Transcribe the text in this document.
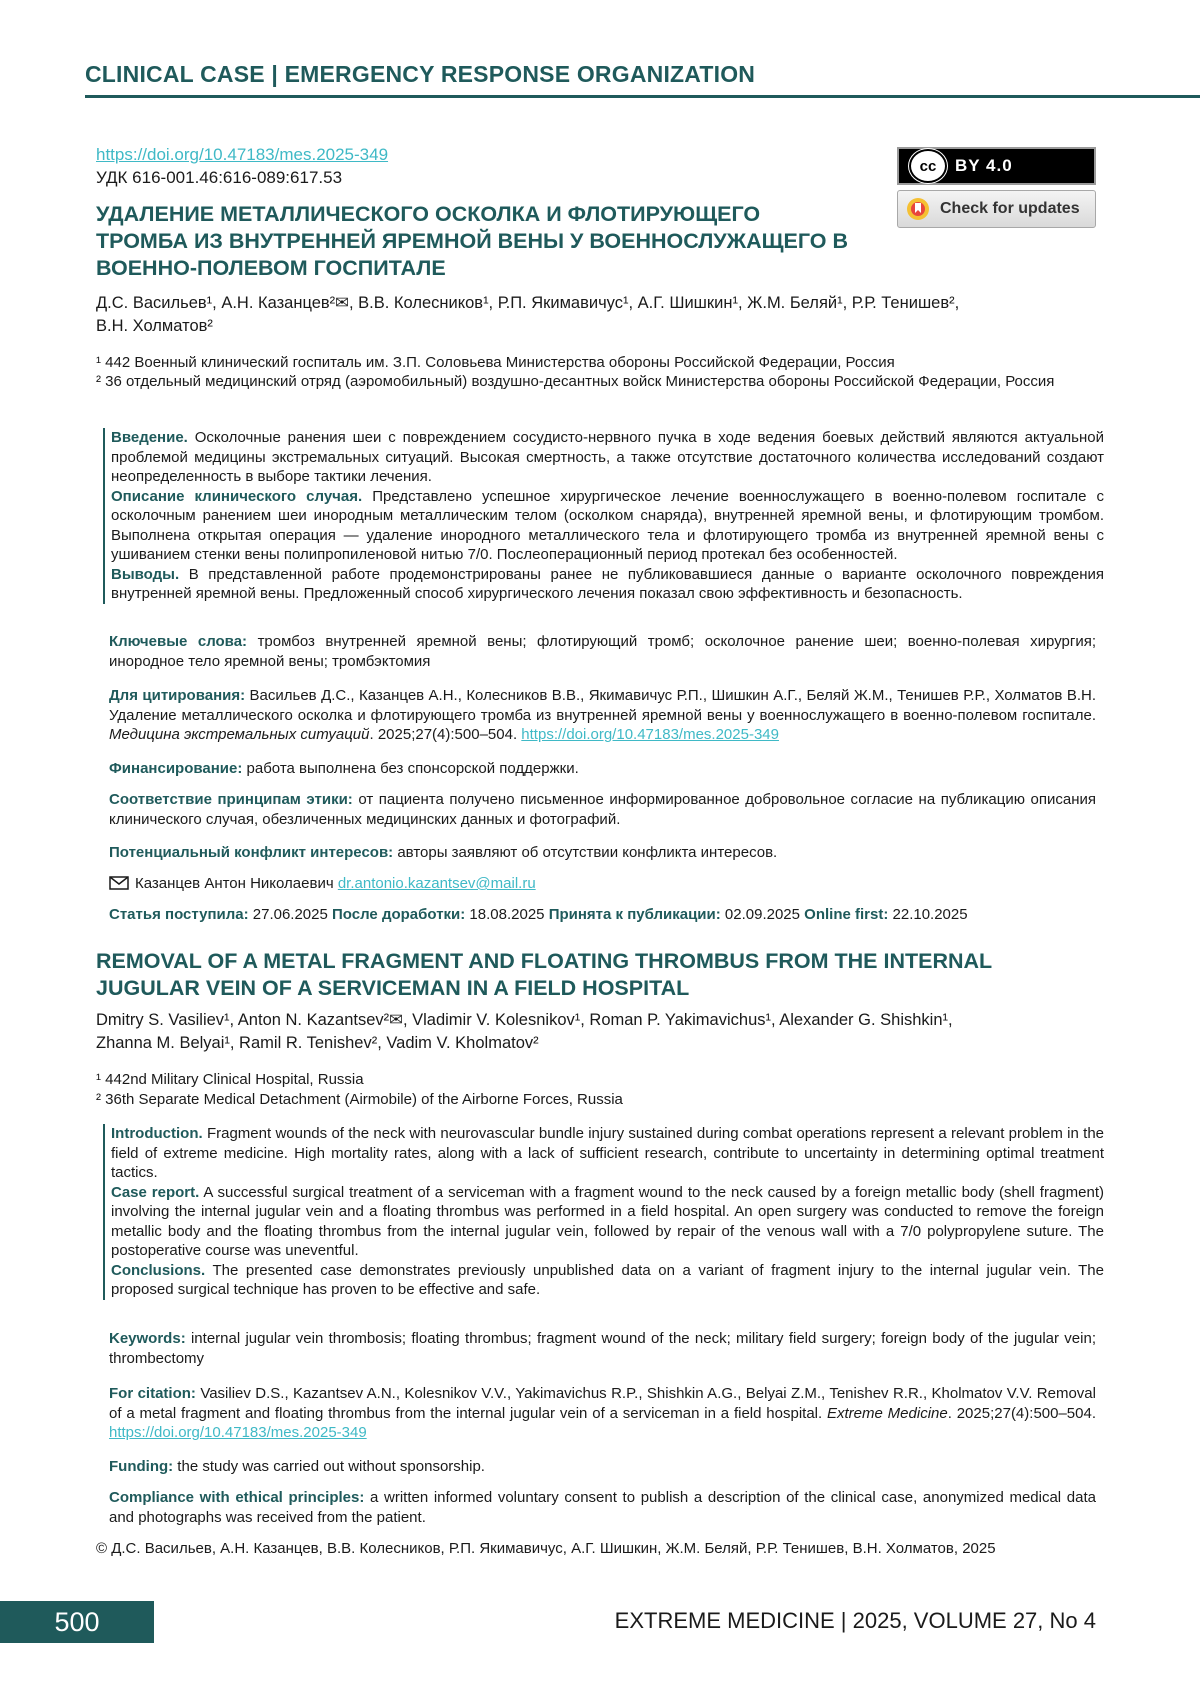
CLINICAL CASE | EMERGENCY RESPONSE ORGANIZATION
https://doi.org/10.47183/mes.2025-349
УДК 616-001.46:616-089:617.53
cc	BY 4.0
Check for updates
УДАЛЕНИЕ МЕТАЛЛИЧЕСКОГО ОСКОЛКА И ФЛОТИРУЮЩЕГО ТРОМБА ИЗ ВНУТРЕННЕЙ ЯРЕМНОЙ ВЕНЫ У ВОЕННОСЛУЖАЩЕГО В ВОЕННО-ПОЛЕВОМ ГОСПИТАЛЕ
Д.С. Васильев¹, А.Н. Казанцев²✉, В.В. Колесников¹, Р.П. Якимавичус¹, А.Г. Шишкин¹, Ж.М. Беляй¹, Р.Р. Тенишев²,
В.Н. Холматов²
¹ 442 Военный клинический госпиталь им. З.П. Соловьева Министерства обороны Российской Федерации, Россия
² 36 отдельный медицинский отряд (аэромобильный) воздушно-десантных войск Министерства обороны Российской Федерации, Россия
Введение. Осколочные ранения шеи с повреждением сосудисто-нервного пучка в ходе ведения боевых действий являются актуальной проблемой медицины экстремальных ситуаций. Высокая смертность, а также отсутствие достаточного количества исследований создают неопределенность в выборе тактики лечения.
Описание клинического случая. Представлено успешное хирургическое лечение военнослужащего в военно-полевом госпитале с осколочным ранением шеи инородным металлическим телом (осколком снаряда), внутренней яремной вены, и флотирующим тромбом. Выполнена открытая операция — удаление инородного металлического тела и флотирующего тромба из внутренней яремной вены с ушиванием стенки вены полипропиленовой нитью 7/0. Послеоперационный период протекал без особенностей.
Выводы. В представленной работе продемонстрированы ранее не публиковавшиеся данные о варианте осколочного повреждения внутренней яремной вены. Предложенный способ хирургического лечения показал свою эффективность и безопасность.
Ключевые слова: тромбоз внутренней яремной вены; флотирующий тромб; осколочное ранение шеи; военно-полевая хирургия; инородное тело яремной вены; тромбэктомия
Для цитирования: Васильев Д.С., Казанцев А.Н., Колесников В.В., Якимавичус Р.П., Шишкин А.Г., Беляй Ж.М., Тенишев Р.Р., Холматов В.Н. Удаление металлического осколка и флотирующего тромба из внутренней яремной вены у военнослужащего в военно-полевом госпитале. Медицина экстремальных ситуаций. 2025;27(4):500–504. https://doi.org/10.47183/mes.2025-349
Финансирование: работа выполнена без спонсорской поддержки.
Соответствие принципам этики: от пациента получено письменное информированное добровольное согласие на публикацию описания клинического случая, обезличенных медицинских данных и фотографий.
Потенциальный конфликт интересов: авторы заявляют об отсутствии конфликта интересов.
Казанцев Антон Николаевич dr.antonio.kazantsev@mail.ru
Статья поступила: 27.06.2025 После доработки: 18.08.2025 Принята к публикации: 02.09.2025 Online first: 22.10.2025
REMOVAL OF A METAL FRAGMENT AND FLOATING THROMBUS FROM THE INTERNAL JUGULAR VEIN OF A SERVICEMAN IN A FIELD HOSPITAL
Dmitry S. Vasiliev¹, Anton N. Kazantsev²✉, Vladimir V. Kolesnikov¹, Roman P. Yakimavichus¹, Alexander G. Shishkin¹,
Zhanna M. Belyai¹, Ramil R. Tenishev², Vadim V. Kholmatov²
¹ 442nd Military Clinical Hospital, Russia
² 36th Separate Medical Detachment (Airmobile) of the Airborne Forces, Russia
Introduction. Fragment wounds of the neck with neurovascular bundle injury sustained during combat operations represent a relevant problem in the field of extreme medicine. High mortality rates, along with a lack of sufficient research, contribute to uncertainty in determining optimal treatment tactics.
Case report. A successful surgical treatment of a serviceman with a fragment wound to the neck caused by a foreign metallic body (shell fragment) involving the internal jugular vein and a floating thrombus was performed in a field hospital. An open surgery was conducted to remove the foreign metallic body and the floating thrombus from the internal jugular vein, followed by repair of the venous wall with a 7/0 polypropylene suture. The postoperative course was uneventful.
Conclusions. The presented case demonstrates previously unpublished data on a variant of fragment injury to the internal jugular vein. The proposed surgical technique has proven to be effective and safe.
Keywords: internal jugular vein thrombosis; floating thrombus; fragment wound of the neck; military field surgery; foreign body of the jugular vein; thrombectomy
For citation: Vasiliev D.S., Kazantsev A.N., Kolesnikov V.V., Yakimavichus R.P., Shishkin A.G., Belyai Z.M., Tenishev R.R., Kholmatov V.V. Removal of a metal fragment and floating thrombus from the internal jugular vein of a serviceman in a field hospital. Extreme Medicine. 2025;27(4):500–504. https://doi.org/10.47183/mes.2025-349
Funding: the study was carried out without sponsorship.
Compliance with ethical principles: a written informed voluntary consent to publish a description of the clinical case, anonymized medical data and photographs was received from the patient.
© Д.С. Васильев, А.Н. Казанцев, В.В. Колесников, Р.П. Якимавичус, А.Г. Шишкин, Ж.М. Беляй, Р.Р. Тенишев, В.Н. Холматов, 2025
500	EXTREME MEDICINE | 2025, VOLUME 27, No 4
